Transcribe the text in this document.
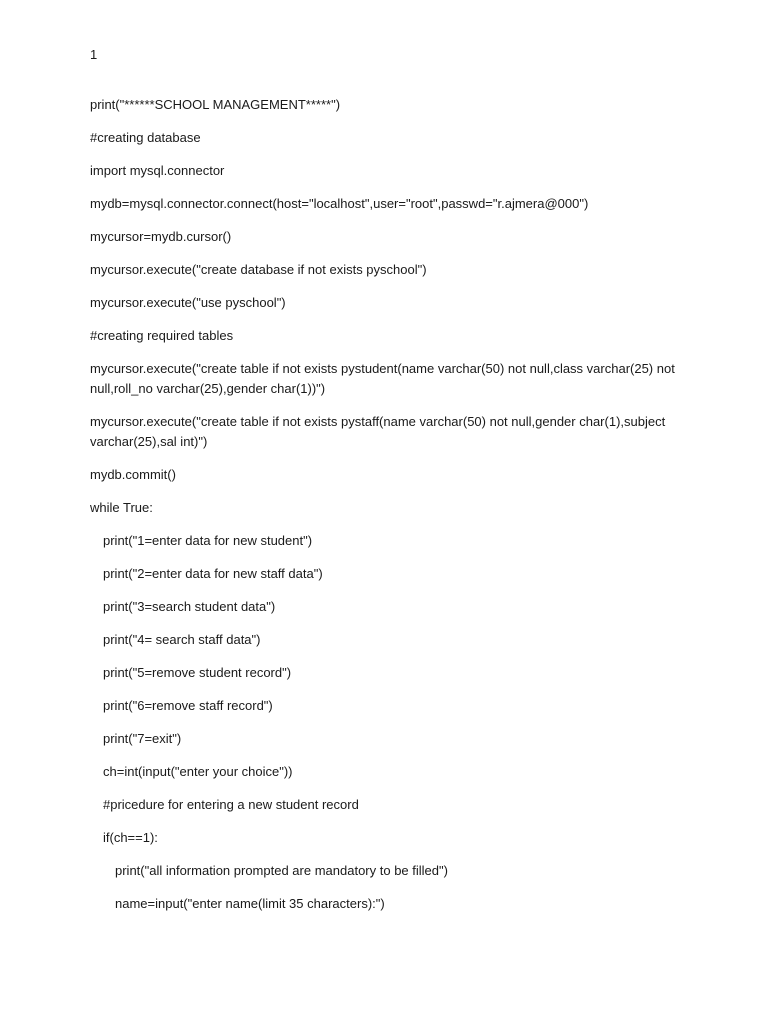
1
print("******SCHOOL MANAGEMENT*****")
#creating database
import mysql.connector
mydb=mysql.connector.connect(host="localhost",user="root",passwd="r.ajmera@000")
mycursor=mydb.cursor()
mycursor.execute("create database if not exists pyschool")
mycursor.execute("use pyschool")
#creating required tables
mycursor.execute("create table if not exists pystudent(name varchar(50) not null,class varchar(25) not null,roll_no varchar(25),gender char(1))")
mycursor.execute("create table if not exists pystaff(name varchar(50) not null,gender char(1),subject varchar(25),sal int)")
mydb.commit()
while True:
print("1=enter data for new student")
print("2=enter data for new staff data")
print("3=search student data")
print("4= search staff data")
print("5=remove student record")
print("6=remove staff record")
print("7=exit")
ch=int(input("enter your choice"))
#pricedure for entering a new student record
if(ch==1):
print("all information prompted are mandatory to be filled")
name=input("enter name(limit 35 characters):")
